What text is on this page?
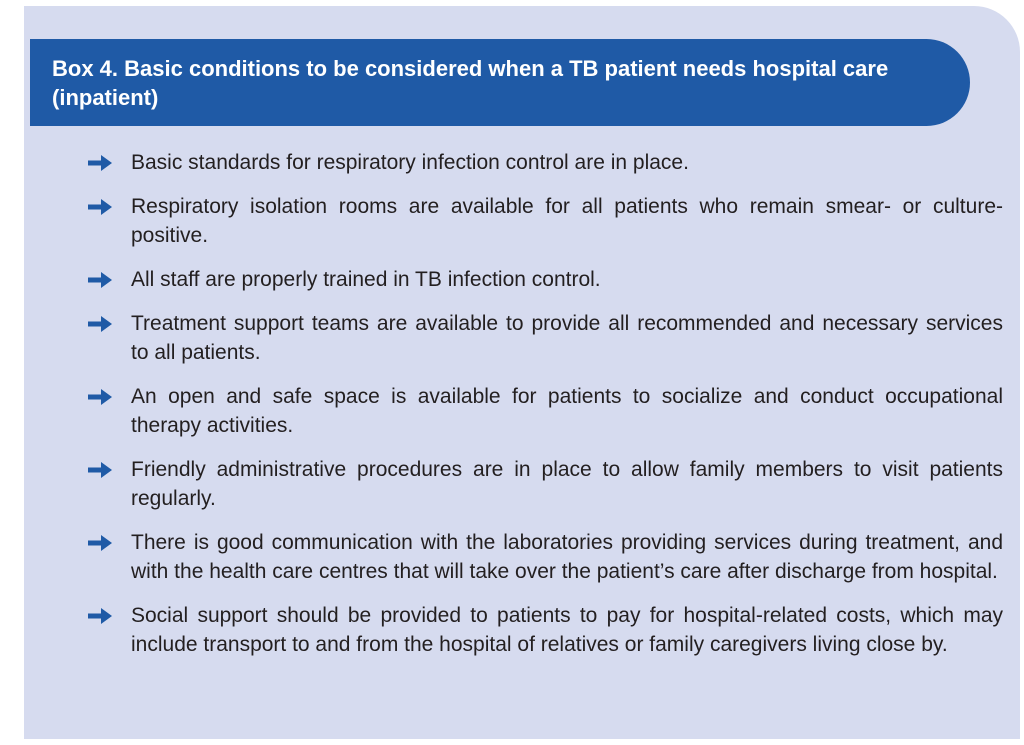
Box 4. Basic conditions to be considered when a TB patient needs hospital care (inpatient)
Basic standards for respiratory infection control are in place.
Respiratory isolation rooms are available for all patients who remain smear- or culture-positive.
All staff are properly trained in TB infection control.
Treatment support teams are available to provide all recommended and necessary services to all patients.
An open and safe space is available for patients to socialize and conduct occupational therapy activities.
Friendly administrative procedures are in place to allow family members to visit patients regularly.
There is good communication with the laboratories providing services during treatment, and with the health care centres that will take over the patient’s care after discharge from hospital.
Social support should be provided to patients to pay for hospital-related costs, which may include transport to and from the hospital of relatives or family caregivers living close by.
